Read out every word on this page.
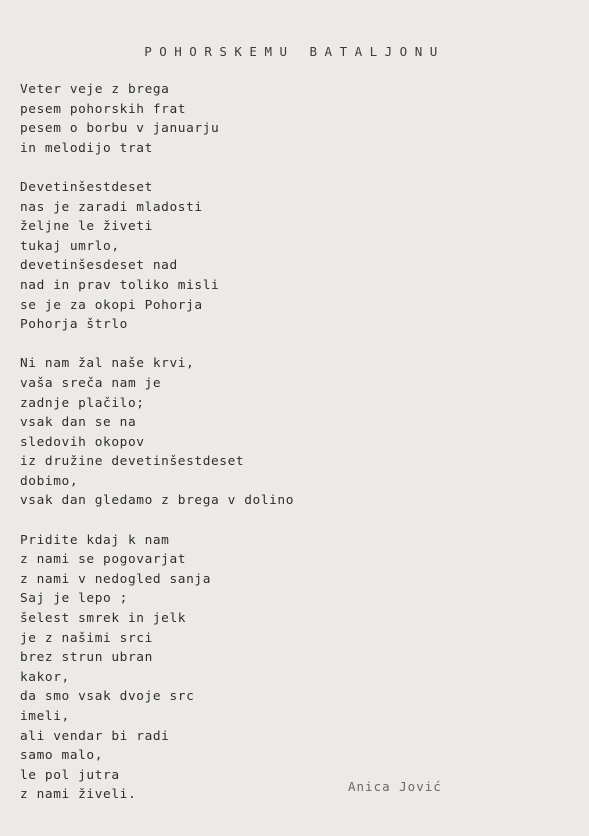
POHORSKEMU BATALJONU
Veter veje z brega
pesem pohorskih frat
pesem o borbu v januarju
in melodijo trat
Devetinšestdeset
nas je zaradi mladosti
željne le živeti
tukaj umrlo,
devetinšesdeset nad
nad in prav toliko misli
se je za okopi Pohorja
Pohorja štrlo
Ni nam žal naše krvi,
vaša sreča nam je
zadnje plačilo;
vsak dan se na
sledovih okopov
iz družine devetinšestdeset
dobimo,
vsak dan gledamo z brega v dolino
Pridite kdaj k nam
z nami se pogovarjat
z nami v nedogled sanja
Saj je lepo ;
šelest smrek in jelk
je z našimi srci
brez strun ubran
kakor,
da smo vsak dvoje src
imeli,
ali vendar bi radi
samo malo,
le pol jutra
z nami živeli.
Anica Jović
